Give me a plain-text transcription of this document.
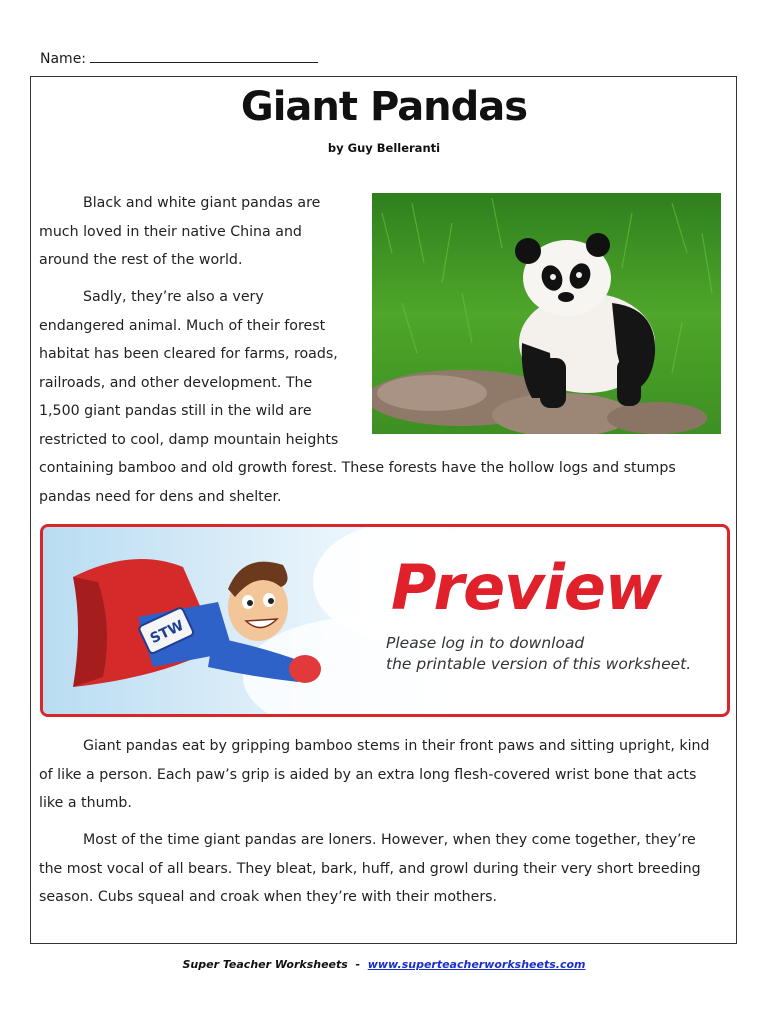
Name:
Giant Pandas
by Guy Belleranti
Black and white giant pandas are
much loved in their native China and
around the rest of the world.
Sadly, they’re also a very
endangered animal. Much of their forest
habitat has been cleared for farms, roads,
railroads, and other development. The
1,500 giant pandas still in the wild are
restricted to cool, damp mountain heights
containing bamboo and old growth forest. These forests have the hollow logs and stumps
pandas need for dens and shelter.
STW
Preview
Please log in to download
the printable version of this worksheet.
Giant pandas eat by gripping bamboo stems in their front paws and sitting upright, kind
of like a person. Each paw’s grip is aided by an extra long flesh-covered wrist bone that acts
like a thumb.
Most of the time giant pandas are loners. However, when they come together, they’re
the most vocal of all bears. They bleat, bark, huff, and growl during their very short breeding
season. Cubs squeal and croak when they’re with their mothers.
Super Teacher Worksheets - www.superteacherworksheets.com
